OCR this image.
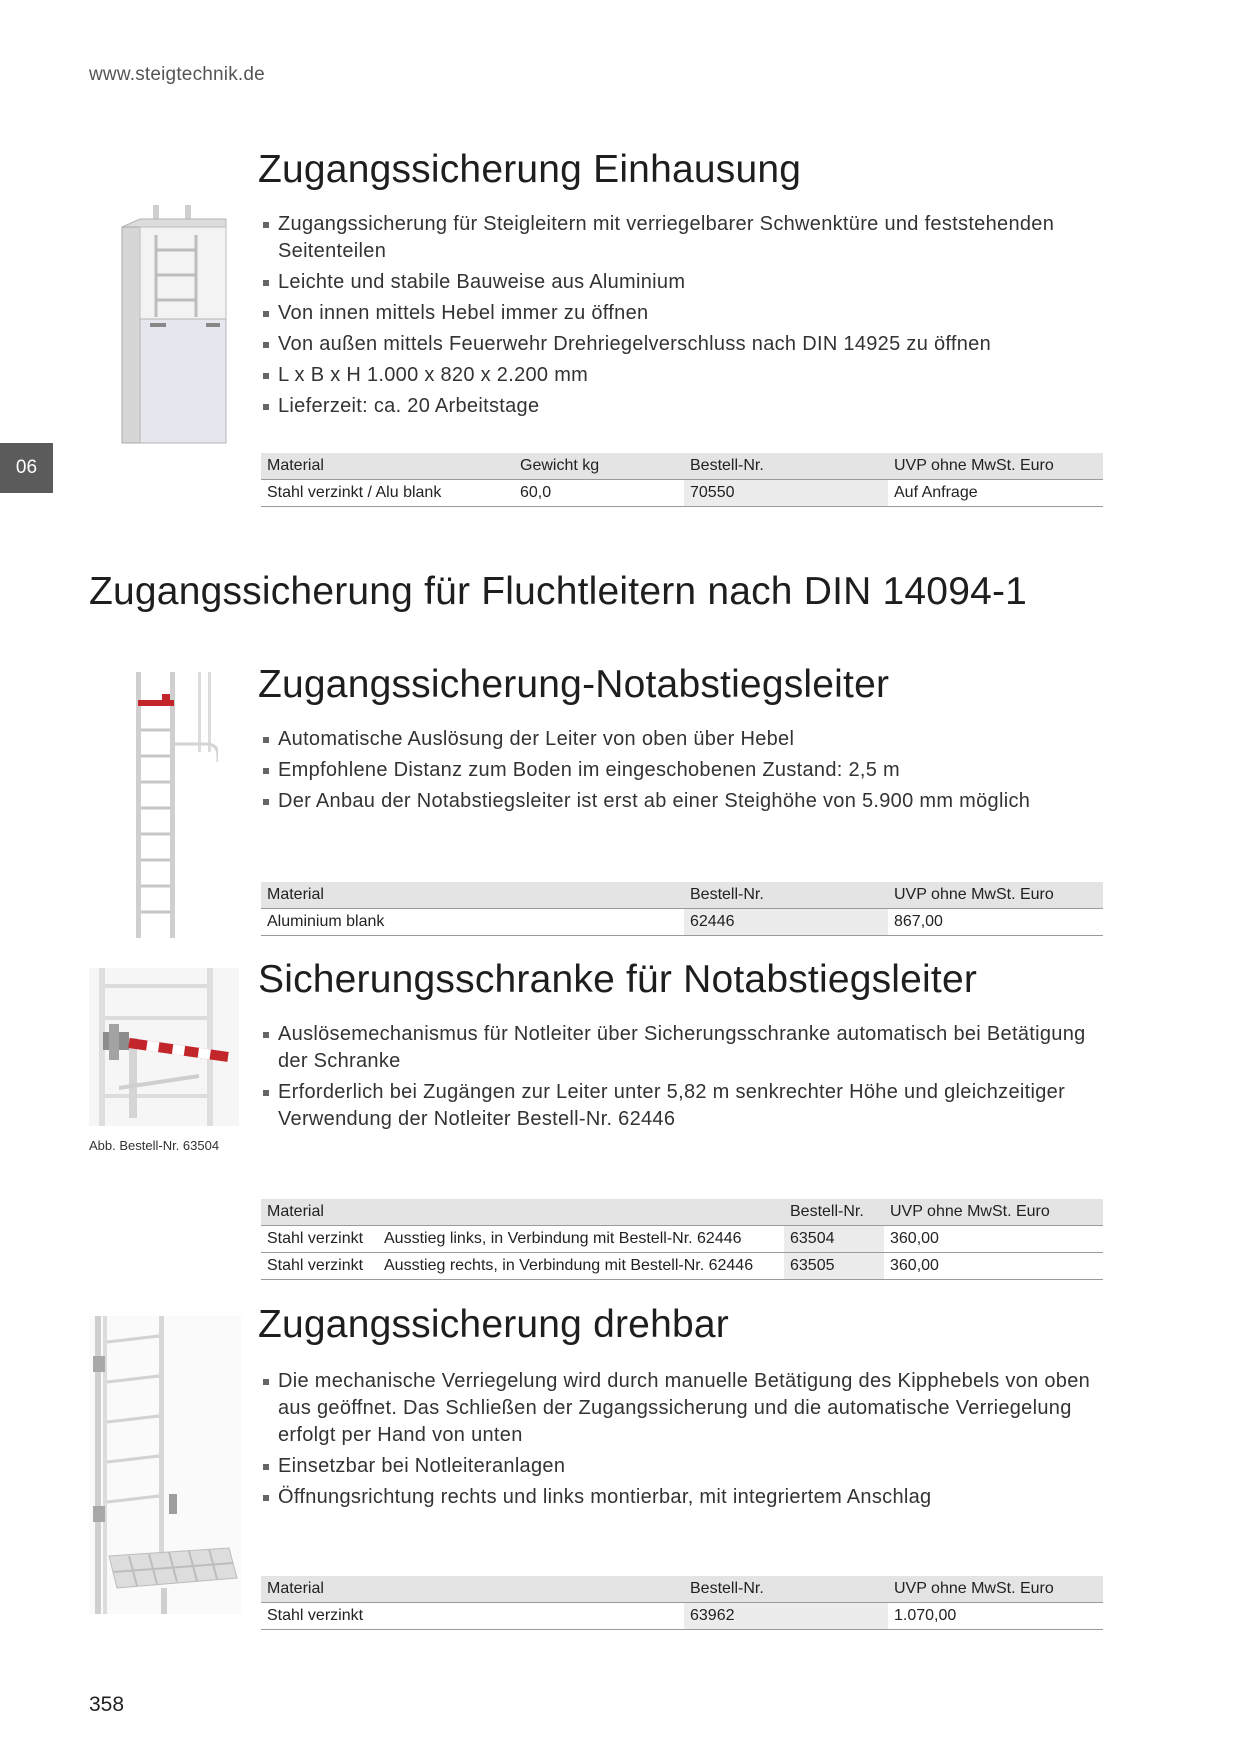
www.steigtechnik.de
06
Zugangssicherung Einhausung
Zugangssicherung für Steigleitern mit verriegelbarer Schwenktüre und feststehenden Seitenteilen
Leichte und stabile Bauweise aus Aluminium
Von innen mittels Hebel immer zu öffnen
Von außen mittels Feuerwehr Drehriegelverschluss nach DIN 14925 zu öffnen
L x B x H 1.000 x 820 x 2.200 mm
Lieferzeit: ca. 20 Arbeitstage
Material	Gewicht kg	Bestell-Nr.	UVP ohne MwSt. Euro
Stahl verzinkt / Alu blank	60,0	70550	Auf Anfrage
Zugangssicherung für Fluchtleitern nach DIN 14094-1
Zugangssicherung-Notabstiegsleiter
Automatische Auslösung der Leiter von oben über Hebel
Empfohlene Distanz zum Boden im eingeschobenen Zustand: 2,5 m
Der Anbau der Notabstiegsleiter ist erst ab einer Steighöhe von 5.900 mm möglich
Material	Bestell-Nr.	UVP ohne MwSt. Euro
Aluminium blank	62446	867,00
Abb. Bestell-Nr. 63504
Sicherungsschranke für Notabstiegsleiter
Auslösemechanismus für Notleiter über Sicherungsschranke automatisch bei Betätigung der Schranke
Erforderlich bei Zugängen zur Leiter unter 5,82 m senkrechter Höhe und gleichzeitiger Verwendung der Notleiter Bestell-Nr. 62446
Material		Bestell-Nr.	UVP ohne MwSt. Euro
Stahl verzinkt	Ausstieg links, in Verbindung mit Bestell-Nr. 62446	63504	360,00
Stahl verzinkt	Ausstieg rechts, in Verbindung mit Bestell-Nr. 62446	63505	360,00
Zugangssicherung drehbar
Die mechanische Verriegelung wird durch manuelle Betätigung des Kipphebels von oben aus geöffnet. Das Schließen der Zugangssicherung und die automatische Verriegelung erfolgt per Hand von unten
Einsetzbar bei Notleiteranlagen
Öffnungsrichtung rechts und links montierbar, mit integriertem Anschlag
Material	Bestell-Nr.	UVP ohne MwSt. Euro
Stahl verzinkt	63962	1.070,00
358
